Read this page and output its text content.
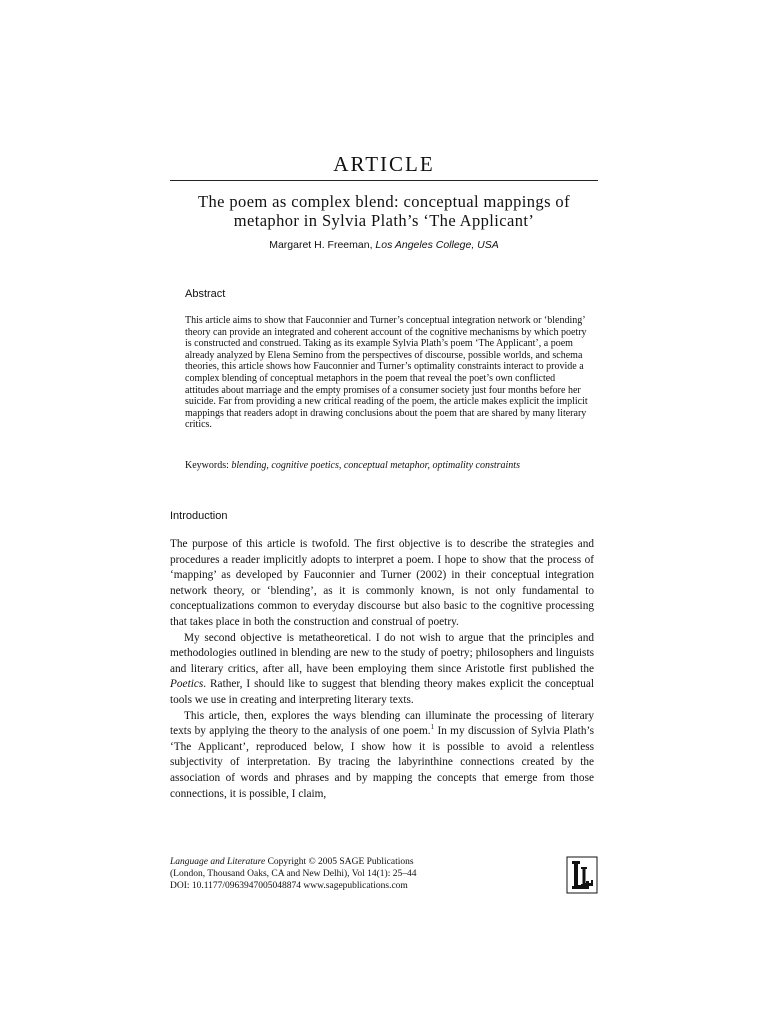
ARTICLE
The poem as complex blend: conceptual mappings of
metaphor in Sylvia Plath’s ‘The Applicant’
Margaret H. Freeman, Los Angeles College, USA
Abstract
This article aims to show that Fauconnier and Turner’s conceptual integration network or ‘blending’ theory can provide an integrated and coherent account of the cognitive mechanisms by which poetry is constructed and construed. Taking as its example Sylvia Plath’s poem ‘The Applicant’, a poem already analyzed by Elena Semino from the perspectives of discourse, possible worlds, and schema theories, this article shows how Fauconnier and Turner’s optimality constraints interact to provide a complex blending of conceptual metaphors in the poem that reveal the poet’s own conflicted attitudes about marriage and the empty promises of a consumer society just four months before her suicide. Far from providing a new critical reading of the poem, the article makes explicit the implicit mappings that readers adopt in drawing conclusions about the poem that are shared by many literary critics.
Keywords: blending, cognitive poetics, conceptual metaphor, optimality constraints
Introduction

The purpose of this article is twofold. The first objective is to describe the strategies and procedures a reader implicitly adopts to interpret a poem. I hope to show that the process of ‘mapping’ as developed by Fauconnier and Turner (2002) in their conceptual integration network theory, or ‘blending’, as it is commonly known, is not only fundamental to conceptualizations common to everyday discourse but also basic to the cognitive processing that takes place in both the construction and construal of poetry.

My second objective is metatheoretical. I do not wish to argue that the principles and methodologies outlined in blending are new to the study of poetry; philosophers and linguists and literary critics, after all, have been employing them since Aristotle first published the Poetics. Rather, I should like to suggest that blending theory makes explicit the conceptual tools we use in creating and interpreting literary texts.

This article, then, explores the ways blending can illuminate the processing of literary texts by applying the theory to the analysis of one poem.$^1$ In my discussion of Sylvia Plath’s ‘The Applicant’, reproduced below, I show how it is possible to avoid a relentless subjectivity of interpretation. By tracing the labyrinthine connections created by the association of words and phrases and by mapping the concepts that emerge from those connections, it is possible, I claim,

Language and Literature Copyright © 2005 SAGE Publications
(London, Thousand Oaks, CA and New Delhi), Vol 14(1): 25–44
DOI: 10.1177/0963947005048874 www.sagepublications.com
